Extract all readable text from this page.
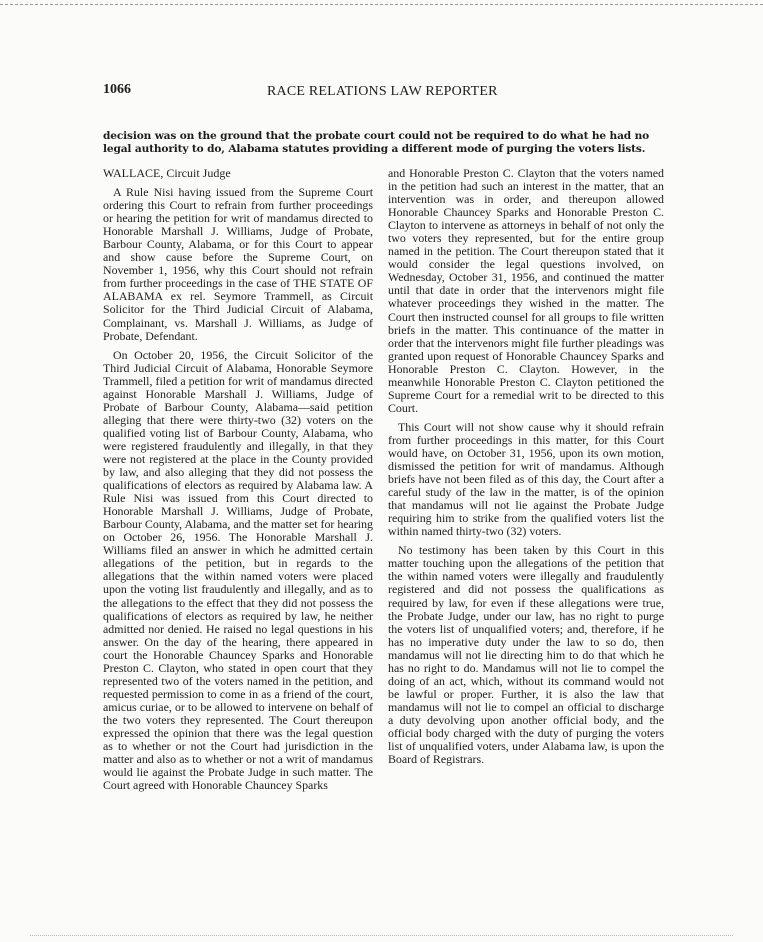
1066	RACE RELATIONS LAW REPORTER
decision was on the ground that the probate court could not be required to do what he had no legal authority to do, Alabama statutes providing a different mode of purging the voters lists.

WALLACE, Circuit Judge

A Rule Nisi having issued from the Supreme Court ordering this Court to refrain from further proceedings or hearing the petition for writ of mandamus directed to Honorable Marshall J. Williams, Judge of Probate, Barbour County, Alabama, or for this Court to appear and show cause before the Supreme Court, on November 1, 1956, why this Court should not refrain from further proceedings in the case of THE STATE OF ALABAMA ex rel. Seymore Trammell, as Circuit Solicitor for the Third Judicial Circuit of Alabama, Complainant, vs. Marshall J. Williams, as Judge of Probate, Defendant.

On October 20, 1956, the Circuit Solicitor of the Third Judicial Circuit of Alabama, Honorable Seymore Trammell, filed a petition for writ of mandamus directed against Honorable Marshall J. Williams, Judge of Probate of Barbour County, Alabama—said petition alleging that there were thirty-two (32) voters on the qualified voting list of Barbour County, Alabama, who were registered fraudulently and illegally, in that they were not registered at the place in the County provided by law, and also alleging that they did not possess the qualifications of electors as required by Alabama law. A Rule Nisi was issued from this Court directed to Honorable Marshall J. Williams, Judge of Probate, Barbour County, Alabama, and the matter set for hearing on October 26, 1956. The Honorable Marshall J. Williams filed an answer in which he admitted certain allegations of the petition, but in regards to the allegations that the within named voters were placed upon the voting list fraudulently and illegally, and as to the allegations to the effect that they did not possess the qualifications of electors as required by law, he neither admitted nor denied. He raised no legal questions in his answer. On the day of the hearing, there appeared in court the Honorable Chauncey Sparks and Honorable Preston C. Clayton, who stated in open court that they represented two of the voters named in the petition, and requested permission to come in as a friend of the court, amicus curiae, or to be allowed to intervene on behalf of the two voters they represented. The Court thereupon expressed the opinion that there was the legal question as to whether or not the Court had jurisdiction in the matter and also as to whether or not a writ of mandamus would lie against the Probate Judge in such matter. The Court agreed with Honorable Chauncey Sparks

and Honorable Preston C. Clayton that the voters named in the petition had such an interest in the matter, that an intervention was in order, and thereupon allowed Honorable Chauncey Sparks and Honorable Preston C. Clayton to intervene as attorneys in behalf of not only the two voters they represented, but for the entire group named in the petition. The Court thereupon stated that it would consider the legal questions involved, on Wednesday, October 31, 1956, and continued the matter until that date in order that the intervenors might file whatever proceedings they wished in the matter. The Court then instructed counsel for all groups to file written briefs in the matter. This continuance of the matter in order that the intervenors might file further pleadings was granted upon request of Honorable Chauncey Sparks and Honorable Preston C. Clayton. However, in the meanwhile Honorable Preston C. Clayton petitioned the Supreme Court for a remedial writ to be directed to this Court.

This Court will not show cause why it should refrain from further proceedings in this matter, for this Court would have, on October 31, 1956, upon its own motion, dismissed the petition for writ of mandamus. Although briefs have not been filed as of this day, the Court after a careful study of the law in the matter, is of the opinion that mandamus will not lie against the Probate Judge requiring him to strike from the qualified voters list the within named thirty-two (32) voters.

No testimony has been taken by this Court in this matter touching upon the allegations of the petition that the within named voters were illegally and fraudulently registered and did not possess the qualifications as required by law, for even if these allegations were true, the Probate Judge, under our law, has no right to purge the voters list of unqualified voters; and, therefore, if he has no imperative duty under the law to so do, then mandamus will not lie directing him to do that which he has no right to do. Mandamus will not lie to compel the doing of an act, which, without its command would not be lawful or proper. Further, it is also the law that mandamus will not lie to compel an official to discharge a duty devolving upon another official body, and the official body charged with the duty of purging the voters list of unqualified voters, under Alabama law, is upon the Board of Registrars.
